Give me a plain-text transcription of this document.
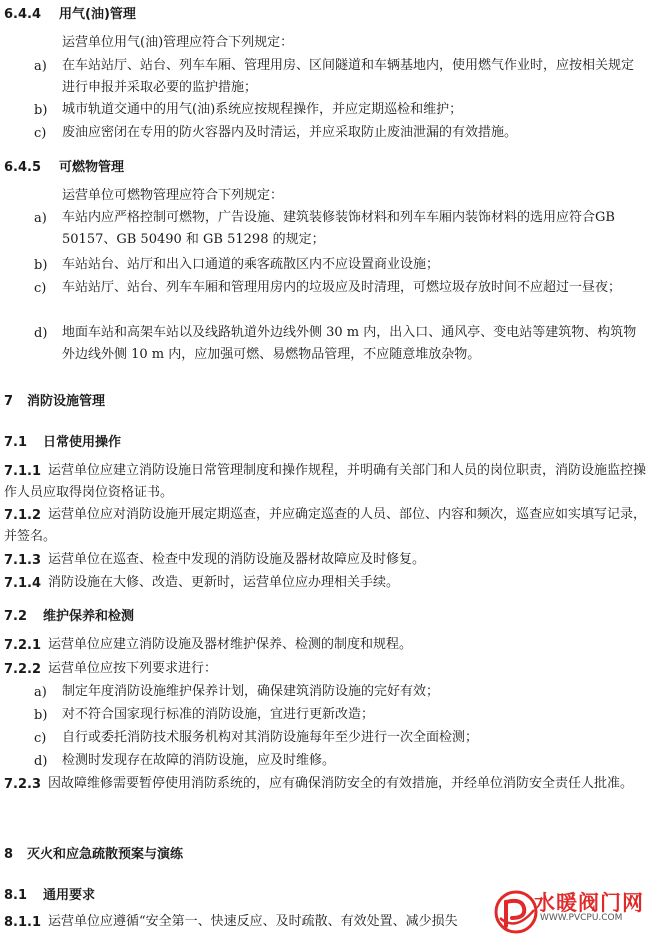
6.4.4 用气(油)管理
运营单位用气(油)管理应符合下列规定：
a) 在车站站厅、站台、列车车厢、管理用房、区间隧道和车辆基地内，使用燃气作业时，应按相关规定进行申报并采取必要的监护措施；
b) 城市轨道交通中的用气(油)系统应按规程操作，并应定期巡检和维护；
c) 废油应密闭在专用的防火容器内及时清运，并应采取防止废油泄漏的有效措施。
6.4.5 可燃物管理
运营单位可燃物管理应符合下列规定：
a) 车站内应严格控制可燃物，广告设施、建筑装修装饰材料和列车车厢内装饰材料的选用应符合GB 50157、GB 50490 和 GB 51298 的规定；
b) 车站站台、站厅和出入口通道的乘客疏散区内不应设置商业设施；
c) 车站站厅、站台、列车车厢和管理用房内的垃圾应及时清理，可燃垃圾存放时间不应超过一昼夜；
d) 地面车站和高架车站以及线路轨道外边线外侧 30 m 内，出入口、通风亭、变电站等建筑物、构筑物外边线外侧 10 m 内，应加强可燃、易燃物品管理，不应随意堆放杂物。
7 消防设施管理
7.1 日常使用操作
7.1.1 运营单位应建立消防设施日常管理制度和操作规程，并明确有关部门和人员的岗位职责，消防设施监控操作人员应取得岗位资格证书。
7.1.2 运营单位应对消防设施开展定期巡查，并应确定巡查的人员、部位、内容和频次，巡查应如实填写记录，并签名。
7.1.3 运营单位在巡查、检查中发现的消防设施及器材故障应及时修复。
7.1.4 消防设施在大修、改造、更新时，运营单位应办理相关手续。
7.2 维护保养和检测
7.2.1 运营单位应建立消防设施及器材维护保养、检测的制度和规程。
7.2.2 运营单位应按下列要求进行：
a) 制定年度消防设施维护保养计划，确保建筑消防设施的完好有效；
b) 对不符合国家现行标准的消防设施，宜进行更新改造；
c) 自行或委托消防技术服务机构对其消防设施每年至少进行一次全面检测；
d) 检测时发现存在故障的消防设施，应及时维修。
7.2.3 因故障维修需要暂停使用消防系统的，应有确保消防安全的有效措施，并经单位消防安全责任人批准。
8 灭火和应急疏散预案与演练
8.1 通用要求
8.1.1 运营单位应遵循“安全第一、快速反应、及时疏散、有效处置、减少损失
水暖阀门网
WWW.PVCPU.COM
